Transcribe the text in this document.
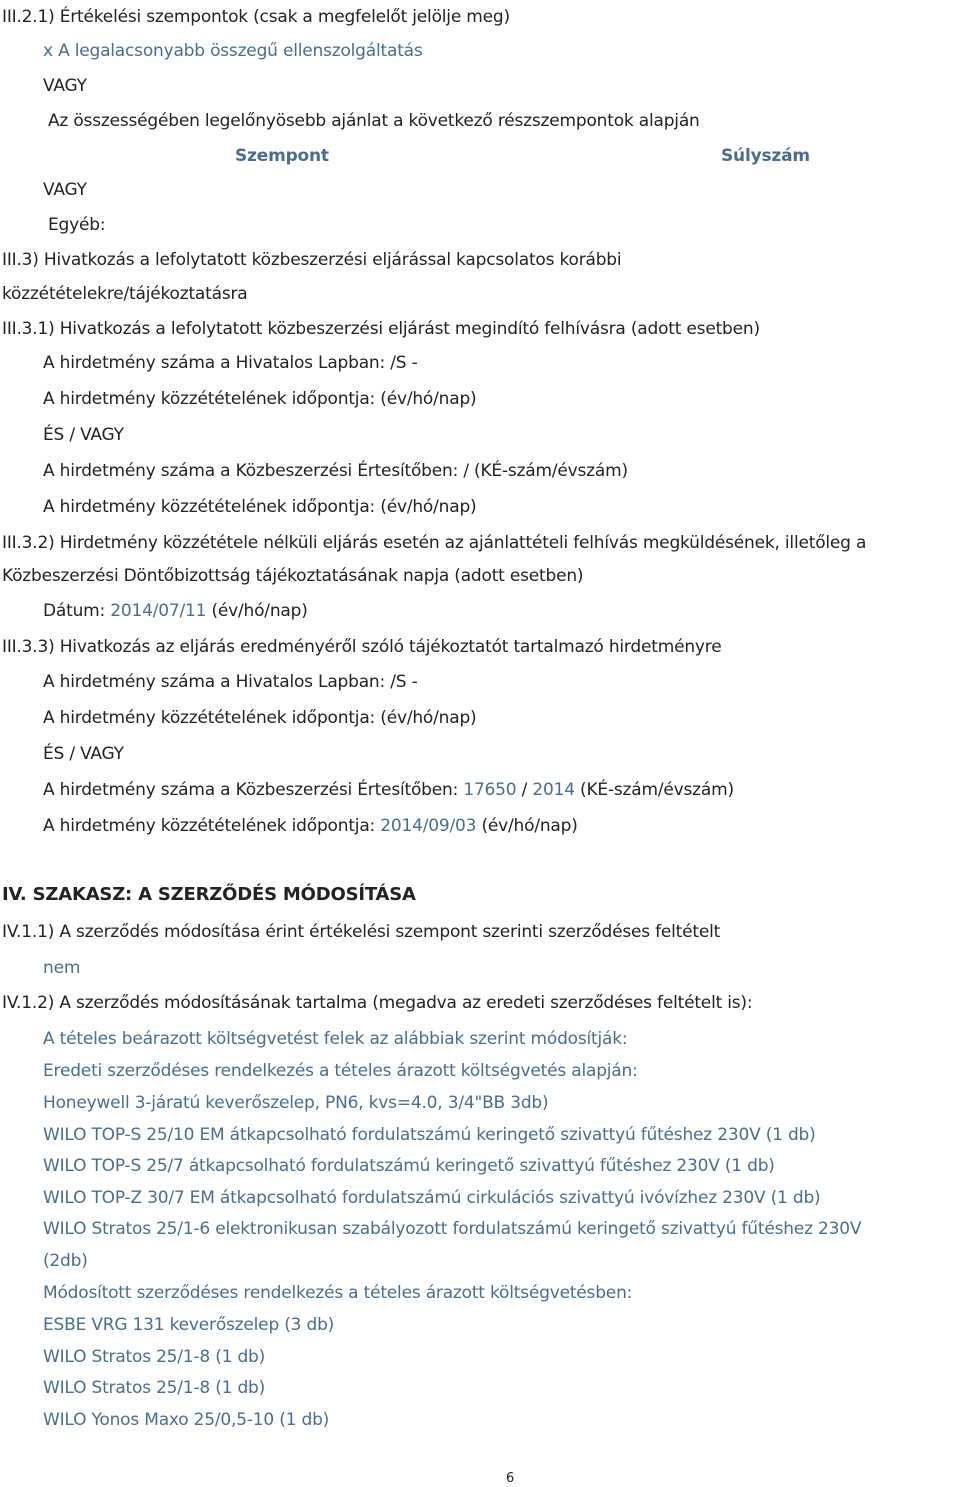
III.2.1) Értékelési szempontok (csak a megfelelőt jelölje meg)
x A legalacsonyabb összegű ellenszolgáltatás
VAGY
Az összességében legelőnyösebb ajánlat a következő részszempontok alapján
Szempont	Súlyszám
VAGY
Egyéb:
III.3) Hivatkozás a lefolytatott közbeszerzési eljárással kapcsolatos korábbi
közzétételekre/tájékoztatásra
III.3.1) Hivatkozás a lefolytatott közbeszerzési eljárást megindító felhívásra (adott esetben)
A hirdetmény száma a Hivatalos Lapban: /S -
A hirdetmény közzétételének időpontja: (év/hó/nap)
ÉS / VAGY
A hirdetmény száma a Közbeszerzési Értesítőben: / (KÉ-szám/évszám)
A hirdetmény közzétételének időpontja: (év/hó/nap)
III.3.2) Hirdetmény közzététele nélküli eljárás esetén az ajánlattételi felhívás megküldésének, illetőleg a
Közbeszerzési Döntőbizottság tájékoztatásának napja (adott esetben)
Dátum: 2014/07/11 (év/hó/nap)
III.3.3) Hivatkozás az eljárás eredményéről szóló tájékoztatót tartalmazó hirdetményre
A hirdetmény száma a Hivatalos Lapban: /S -
A hirdetmény közzétételének időpontja: (év/hó/nap)
ÉS / VAGY
A hirdetmény száma a Közbeszerzési Értesítőben: 17650 / 2014 (KÉ-szám/évszám)
A hirdetmény közzétételének időpontja: 2014/09/03 (év/hó/nap)
IV. SZAKASZ: A SZERZŐDÉS MÓDOSÍTÁSA
IV.1.1) A szerződés módosítása érint értékelési szempont szerinti szerződéses feltételt
nem
IV.1.2) A szerződés módosításának tartalma (megadva az eredeti szerződéses feltételt is):
A tételes beárazott költségvetést felek az alábbiak szerint módosítják:
Eredeti szerződéses rendelkezés a tételes árazott költségvetés alapján:
Honeywell 3-járatú keverőszelep, PN6, kvs=4.0, 3/4"BB 3db)
WILO TOP-S 25/10 EM átkapcsolható fordulatszámú keringető szivattyú fűtéshez 230V (1 db)
WILO TOP-S 25/7 átkapcsolható fordulatszámú keringető szivattyú fűtéshez 230V (1 db)
WILO TOP-Z 30/7 EM átkapcsolható fordulatszámú cirkulációs szivattyú ivóvízhez 230V (1 db)
WILO Stratos 25/1-6 elektronikusan szabályozott fordulatszámú keringető szivattyú fűtéshez 230V
(2db)
Módosított szerződéses rendelkezés a tételes árazott költségvetésben:
ESBE VRG 131 keverőszelep (3 db)
WILO Stratos 25/1-8 (1 db)
WILO Stratos 25/1-8 (1 db)
WILO Yonos Maxo 25/0,5-10 (1 db)
6
